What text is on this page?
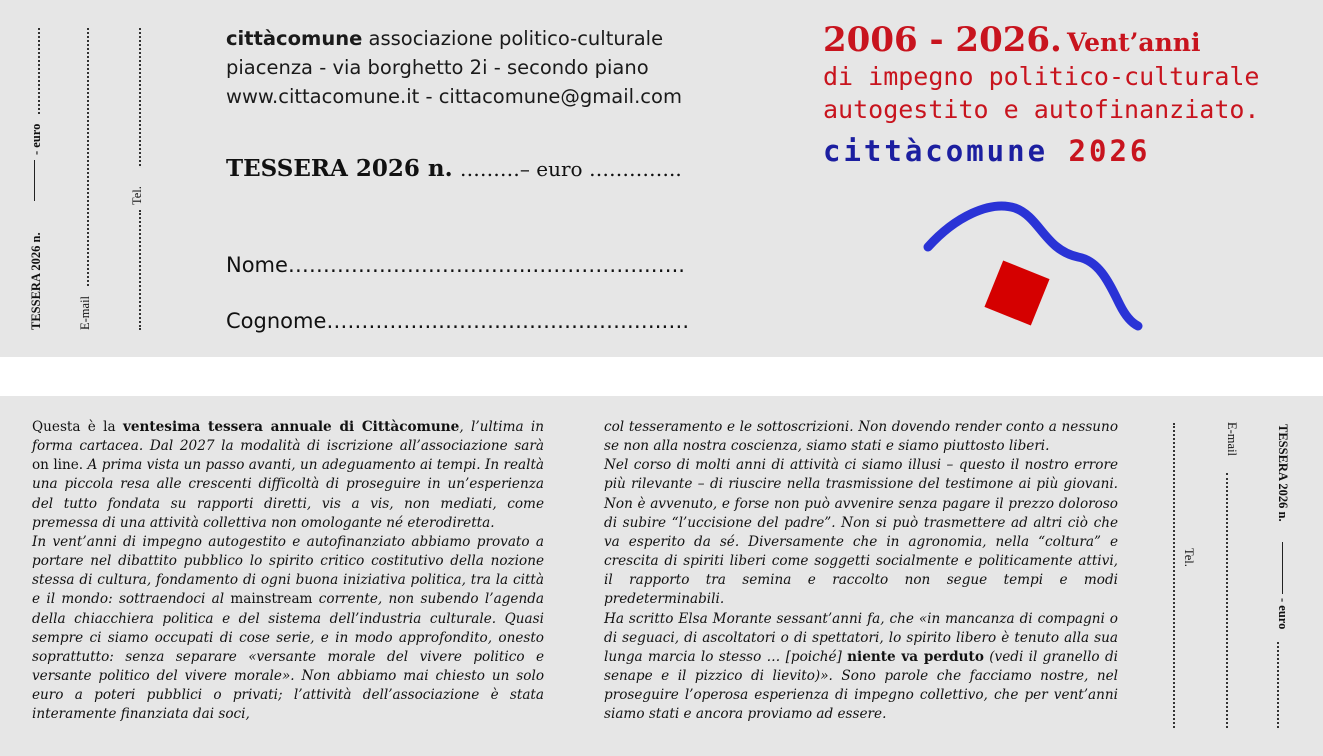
TESSERA 2026 n.
- euro
E-mail
Tel.
cittàcomune associazione politico-culturale
piacenza - via borghetto 2i - secondo piano
www.cittacomune.it - cittacomune@gmail.com
TESSERA 2026 n. ………– euro …………..
Nome……………………………..……………..…..
Cognome…………….……………………….….….
2006 - 2026. Vent’anni
di impegno politico-culturale
autogestito e autofinanziato.
cittàcomune 2026

Questa è la ventesima tessera annuale di Cittàcomune, l’ultima in forma cartacea. Dal 2027 la modalità di iscrizione all’associazione sarà on line. A prima vista un passo avanti, un adeguamento ai tempi. In realtà una piccola resa alle crescenti difficoltà di proseguire in un’esperienza del tutto fondata su rapporti diretti, vis a vis, non mediati, come premessa di una attività collettiva non omologante né eterodiretta.

In vent’anni di impegno autogestito e autofinanziato abbiamo provato a portare nel dibattito pubblico lo spirito critico costitutivo della nozione stessa di cultura, fondamento di ogni buona iniziativa politica, tra la città e il mondo: sottraendoci al mainstream corrente, non subendo l’agenda della chiacchiera politica e del sistema dell’industria culturale. Quasi sempre ci siamo occupati di cose serie, e in modo approfondito, onesto soprattutto: senza separare «versante morale del vivere politico e versante politico del vivere morale». Non abbiamo mai chiesto un solo euro a poteri pubblici o privati; l’attività dell’associazione è stata interamente finanziata dai soci,

col tesseramento e le sottoscrizioni. Non dovendo render conto a nessuno se non alla nostra coscienza, siamo stati e siamo piuttosto liberi.

Nel corso di molti anni di attività ci siamo illusi – questo il nostro errore più rilevante – di riuscire nella trasmissione del testimone ai più giovani. Non è avvenuto, e forse non può avvenire senza pagare il prezzo doloroso di subire “l’uccisione del padre”. Non si può trasmettere ad altri ciò che va esperito da sé. Diversamente che in agronomia, nella “coltura” e crescita di spiriti liberi come soggetti socialmente e politicamente attivi, il rapporto tra semina e raccolto non segue tempi e modi predeterminabili.

Ha scritto Elsa Morante sessant’anni fa, che «in mancanza di compagni o di seguaci, di ascoltatori o di spettatori, lo spirito libero è tenuto alla sua lunga marcia lo stesso … [poiché] niente va perduto (vedi il granello di senape e il pizzico di lievito)». Sono parole che facciamo nostre, nel proseguire l’operosa esperienza di impegno collettivo, che per vent’anni siamo stati e ancora proviamo ad essere.

Tel.
E-mail	TESSERA 2026 n.
- euro
